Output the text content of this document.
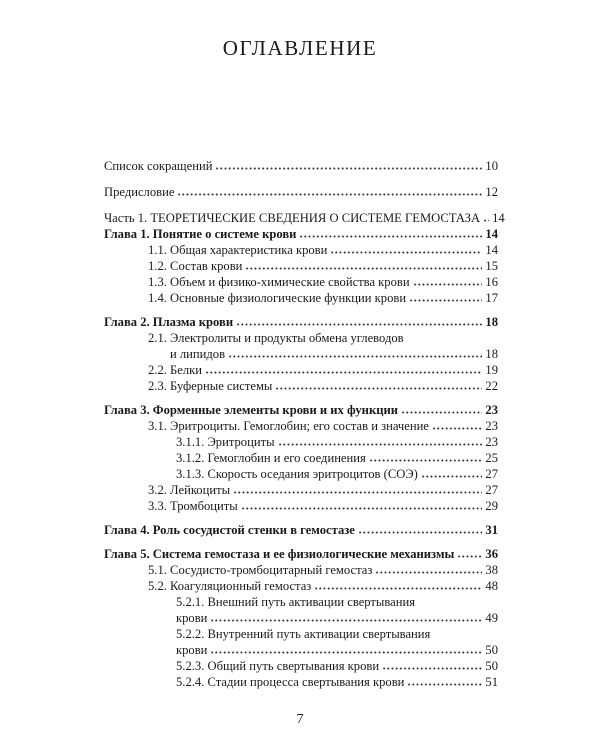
ОГЛАВЛЕНИЕ
Список сокращений	10
Предисловие	12
Часть 1. ТЕОРЕТИЧЕСКИЕ СВЕДЕНИЯ О СИСТЕМЕ ГЕМОСТАЗА 14
Глава 1. Понятие о системе крови	14
1.1. Общая характеристика крови	14
1.2. Состав крови	15
1.3. Объем и физико-химические свойства крови	16
1.4. Основные физиологические функции крови	17
Глава 2. Плазма крови	18
2.1. Электролиты и продукты обмена углеводов
и липидов	18
2.2. Белки	19
2.3. Буферные системы	22
Глава 3. Форменные элементы крови и их функции	23
3.1. Эритроциты. Гемоглобин; его состав и значение	23
3.1.1. Эритроциты	23
3.1.2. Гемоглобин и его соединения	25
3.1.3. Скорость оседания эритроцитов (СОЭ)	27
3.2. Лейкоциты	27
3.3. Тромбоциты	29
Глава 4. Роль сосудистой стенки в гемостазе	31
Глава 5. Система гемостаза и ее физиологические механизмы 36
5.1. Сосудисто-тромбоцитарный гемостаз	38
5.2. Коагуляционный гемостаз	48
5.2.1. Внешний путь активации свертывания
крови	49
5.2.2. Внутренний путь активации свертывания
крови	50
5.2.3. Общий путь свертывания крови	50
5.2.4. Стадии процесса свертывания крови	51
7
